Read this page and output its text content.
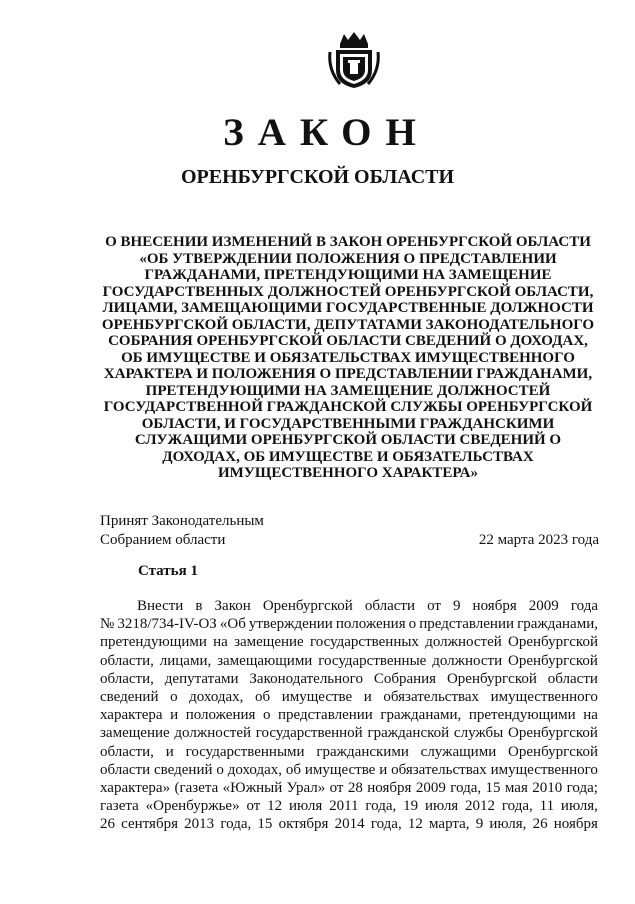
ЗАКОН
ОРЕНБУРГСКОЙ ОБЛАСТИ
О ВНЕСЕНИИ ИЗМЕНЕНИЙ В ЗАКОН ОРЕНБУРГСКОЙ ОБЛАСТИ
«ОБ УТВЕРЖДЕНИИ ПОЛОЖЕНИЯ О ПРЕДСТАВЛЕНИИ
ГРАЖДАНАМИ, ПРЕТЕНДУЮЩИМИ НА ЗАМЕЩЕНИЕ
ГОСУДАРСТВЕННЫХ ДОЛЖНОСТЕЙ ОРЕНБУРГСКОЙ ОБЛАСТИ,
ЛИЦАМИ, ЗАМЕЩАЮЩИМИ ГОСУДАРСТВЕННЫЕ ДОЛЖНОСТИ
ОРЕНБУРГСКОЙ ОБЛАСТИ, ДЕПУТАТАМИ ЗАКОНОДАТЕЛЬНОГО
СОБРАНИЯ ОРЕНБУРГСКОЙ ОБЛАСТИ СВЕДЕНИЙ О ДОХОДАХ,
ОБ ИМУЩЕСТВЕ И ОБЯЗАТЕЛЬСТВАХ ИМУЩЕСТВЕННОГО
ХАРАКТЕРА И ПОЛОЖЕНИЯ О ПРЕДСТАВЛЕНИИ ГРАЖДАНАМИ,
ПРЕТЕНДУЮЩИМИ НА ЗАМЕЩЕНИЕ ДОЛЖНОСТЕЙ
ГОСУДАРСТВЕННОЙ ГРАЖДАНСКОЙ СЛУЖБЫ ОРЕНБУРГСКОЙ
ОБЛАСТИ, И ГОСУДАРСТВЕННЫМИ ГРАЖДАНСКИМИ
СЛУЖАЩИМИ ОРЕНБУРГСКОЙ ОБЛАСТИ СВЕДЕНИЙ О
ДОХОДАХ, ОБ ИМУЩЕСТВЕ И ОБЯЗАТЕЛЬСТВАХ
ИМУЩЕСТВЕННОГО ХАРАКТЕРА»
Принят Законодательным
Собранием области	22 марта 2023 года
Статья 1
Внести в Закон Оренбургской области от 9 ноября 2009 года
№ 3218/734-IV-ОЗ «Об утверждении положения о представлении гражданами,
претендующими на замещение государственных должностей Оренбургской
области, лицами, замещающими государственные должности Оренбургской
области, депутатами Законодательного Собрания Оренбургской области
сведений о доходах, об имуществе и обязательствах имущественного
характера и положения о представлении гражданами, претендующими на
замещение должностей государственной гражданской службы Оренбургской
области, и государственными гражданскими служащими Оренбургской
области сведений о доходах, об имуществе и обязательствах имущественного
характера» (газета «Южный Урал» от 28 ноября 2009 года, 15 мая 2010 года;
газета «Оренбуржье» от 12 июля 2011 года, 19 июля 2012 года, 11 июля,
26 сентября 2013 года, 15 октября 2014 года, 12 марта, 9 июля, 26 ноября
